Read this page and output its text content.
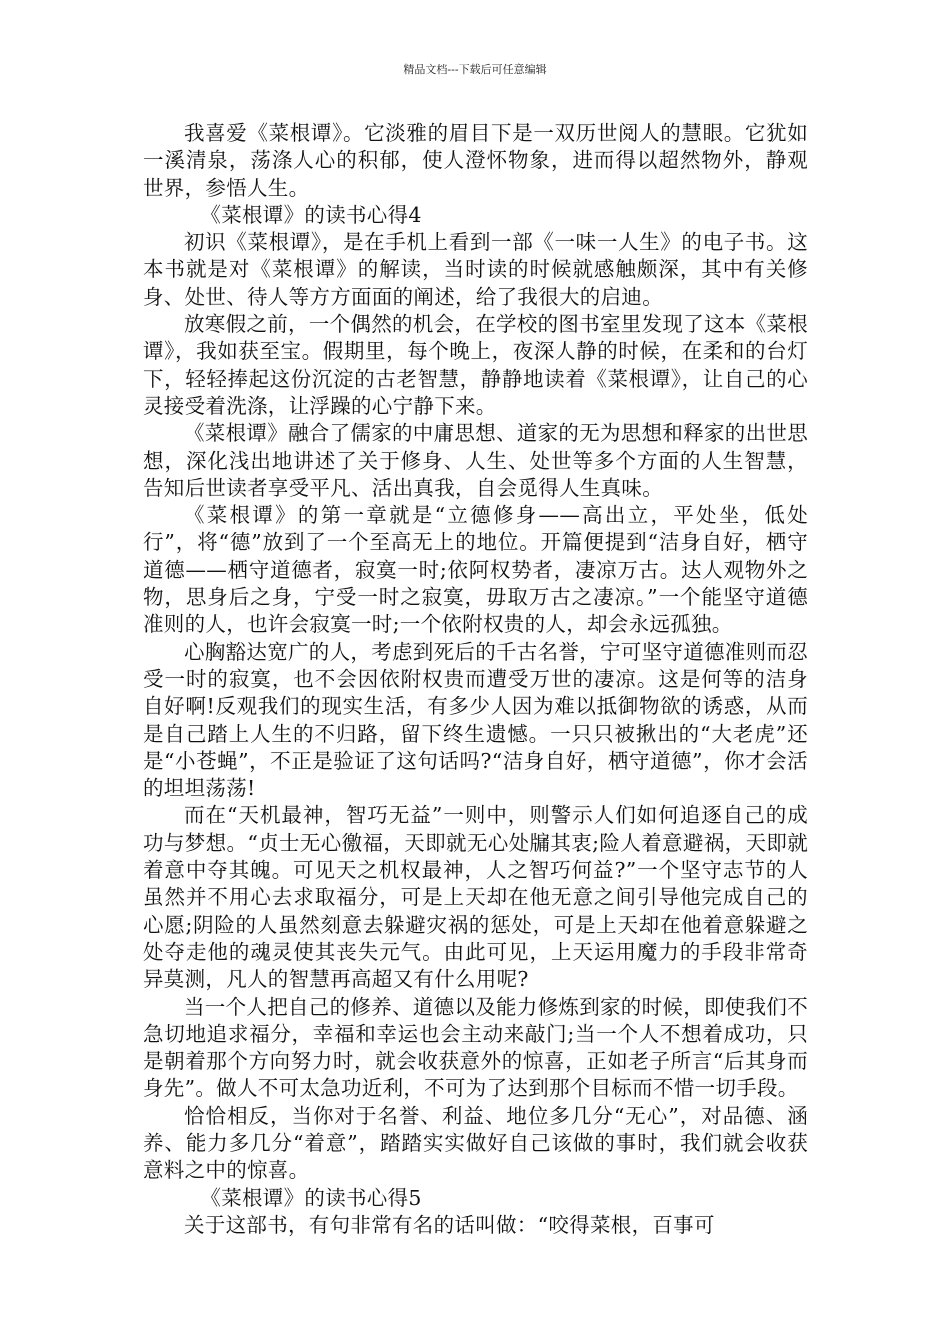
精品文档---下载后可任意编辑

我喜爱《菜根谭》。它淡雅的眉目下是一双历世阅人的慧眼。它犹如一溪清泉，荡涤人心的积郁，使人澄怀物象，进而得以超然物外，静观世界，参悟人生。

《菜根谭》的读书心得4

初识《菜根谭》，是在手机上看到一部《一味一人生》的电子书。这本书就是对《菜根谭》的解读，当时读的时候就感触颇深，其中有关修身、处世、待人等方方面面的阐述，给了我很大的启迪。

放寒假之前，一个偶然的机会，在学校的图书室里发现了这本《菜根谭》，我如获至宝。假期里，每个晚上，夜深人静的时候，在柔和的台灯下，轻轻捧起这份沉淀的古老智慧，静静地读着《菜根谭》，让自己的心灵接受着洗涤，让浮躁的心宁静下来。

《菜根谭》融合了儒家的中庸思想、道家的无为思想和释家的出世思想，深化浅出地讲述了关于修身、人生、处世等多个方面的人生智慧，告知后世读者享受平凡、活出真我，自会觅得人生真味。

《菜根谭》的第一章就是“立德修身——高出立，平处坐，低处行”，将“德”放到了一个至高无上的地位。开篇便提到“洁身自好，栖守道德——栖守道德者，寂寞一时;依阿权势者，凄凉万古。达人观物外之物，思身后之身，宁受一时之寂寞，毋取万古之凄凉。”一个能坚守道德准则的人，也许会寂寞一时;一个依附权贵的人，却会永远孤独。

心胸豁达宽广的人，考虑到死后的千古名誉，宁可坚守道德准则而忍受一时的寂寞，也不会因依附权贵而遭受万世的凄凉。这是何等的洁身自好啊!反观我们的现实生活，有多少人因为难以抵御物欲的诱惑，从而是自己踏上人生的不归路，留下终生遗憾。一只只被揪出的“大老虎”还是“小苍蝇”，不正是验证了这句话吗?“洁身自好，栖守道德”，你才会活的坦坦荡荡!

而在“天机最神，智巧无益”一则中，则警示人们如何追逐自己的成功与梦想。“贞士无心徼福，天即就无心处牖其衷;险人着意避祸，天即就着意中夺其魄。可见天之机权最神，人之智巧何益?”一个坚守志节的人虽然并不用心去求取福分，可是上天却在他无意之间引导他完成自己的心愿;阴险的人虽然刻意去躲避灾祸的惩处，可是上天却在他着意躲避之处夺走他的魂灵使其丧失元气。由此可见，上天运用魔力的手段非常奇异莫测，凡人的智慧再高超又有什么用呢?

当一个人把自己的修养、道德以及能力修炼到家的时候，即使我们不急切地追求福分，幸福和幸运也会主动来敲门;当一个人不想着成功，只是朝着那个方向努力时，就会收获意外的惊喜，正如老子所言“后其身而身先”。做人不可太急功近利，不可为了达到那个目标而不惜一切手段。

恰恰相反，当你对于名誉、利益、地位多几分“无心”，对品德、涵养、能力多几分“着意”，踏踏实实做好自己该做的事时，我们就会收获意料之中的惊喜。

《菜根谭》的读书心得5

关于这部书，有句非常有名的话叫做：“咬得菜根，百事可
